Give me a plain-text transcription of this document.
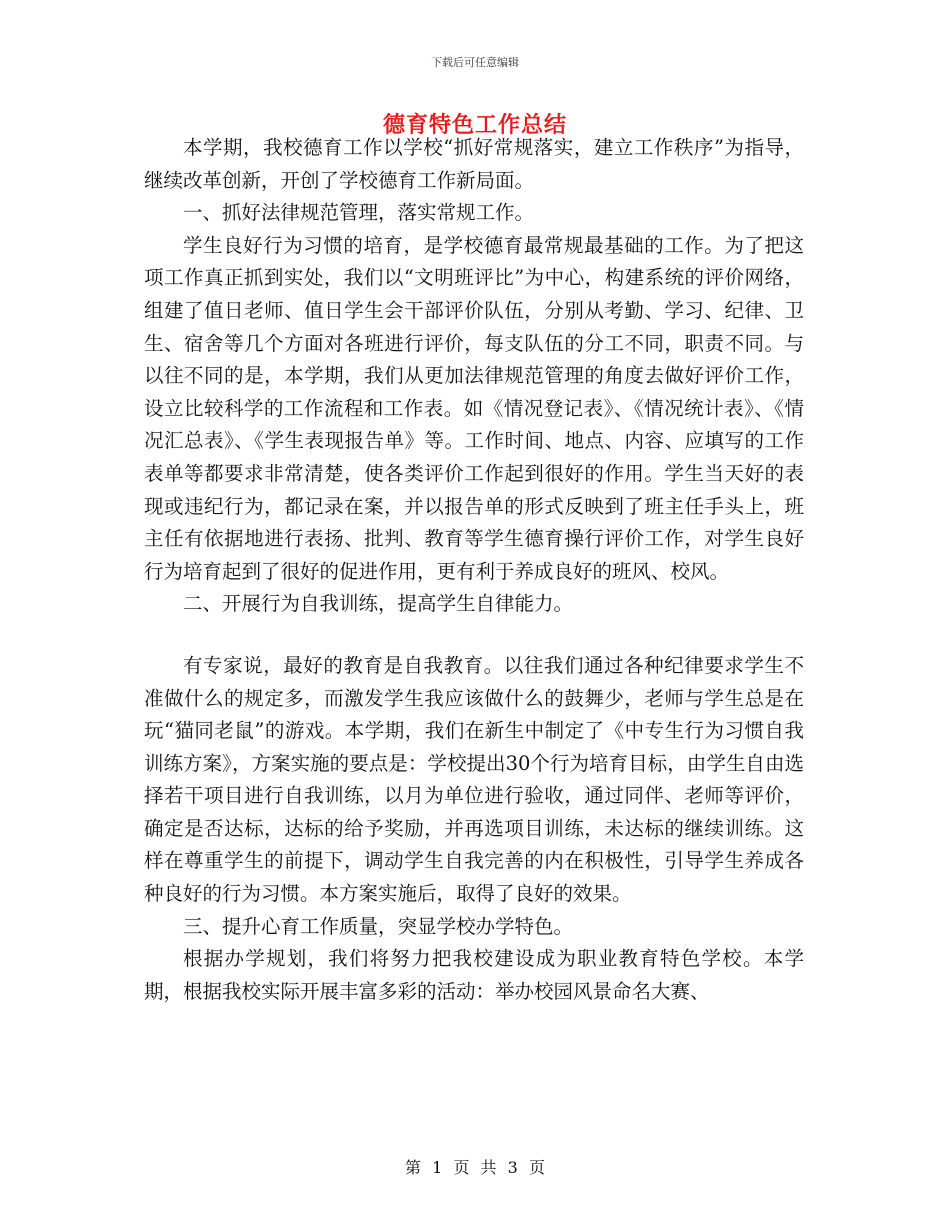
下载后可任意编辑
德育特色工作总结

本学期，我校德育工作以学校“抓好常规落实，建立工作秩序”为指导，继续改革创新，开创了学校德育工作新局面。

一、抓好法律规范管理，落实常规工作。

学生良好行为习惯的培育，是学校德育最常规最基础的工作。为了把这项工作真正抓到实处，我们以“文明班评比”为中心，构建系统的评价网络，组建了值日老师、值日学生会干部评价队伍，分别从考勤、学习、纪律、卫生、宿舍等几个方面对各班进行评价，每支队伍的分工不同，职责不同。与以往不同的是，本学期，我们从更加法律规范管理的角度去做好评价工作，设立比较科学的工作流程和工作表。如《情况登记表》、《情况统计表》、《情况汇总表》、《学生表现报告单》等。工作时间、地点、内容、应填写的工作表单等都要求非常清楚，使各类评价工作起到很好的作用。学生当天好的表现或违纪行为，都记录在案，并以报告单的形式反映到了班主任手头上，班主任有依据地进行表扬、批判、教育等学生德育操行评价工作，对学生良好行为培育起到了很好的促进作用，更有利于养成良好的班风、校风。

二、开展行为自我训练，提高学生自律能力。

有专家说，最好的教育是自我教育。以往我们通过各种纪律要求学生不准做什么的规定多，而激发学生我应该做什么的鼓舞少，老师与学生总是在玩“猫同老鼠”的游戏。本学期，我们在新生中制定了《中专生行为习惯自我训练方案》，方案实施的要点是：学校提出30个行为培育目标，由学生自由选择若干项目进行自我训练，以月为单位进行验收，通过同伴、老师等评价，确定是否达标，达标的给予奖励，并再选项目训练，未达标的继续训练。这样在尊重学生的前提下，调动学生自我完善的内在积极性，引导学生养成各种良好的行为习惯。本方案实施后，取得了良好的效果。

三、提升心育工作质量，突显学校办学特色。

根据办学规划，我们将努力把我校建设成为职业教育特色学校。本学期，根据我校实际开展丰富多彩的活动：举办校园风景命名大赛、

第 1 页 共 3 页
